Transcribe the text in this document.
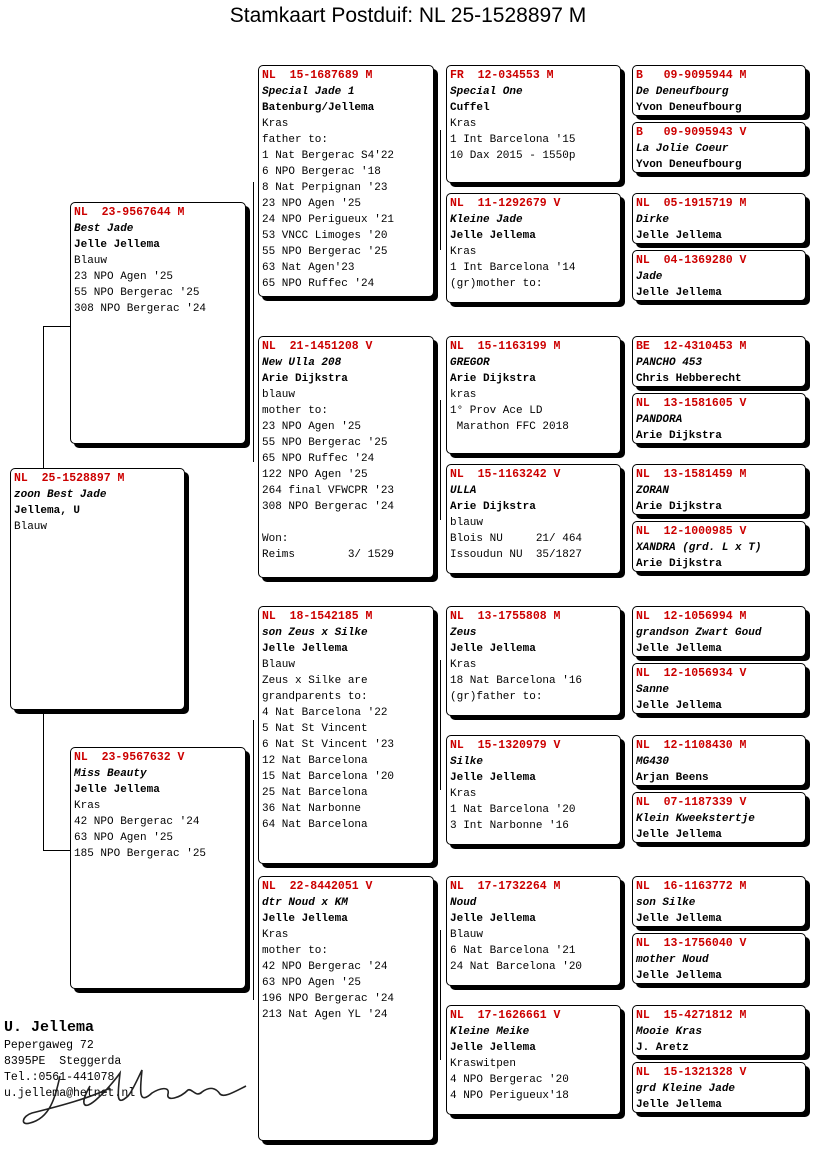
Stamkaart Postduif: NL 25-1528897 M
NL  25-1528897 M
zoon Best Jade
Jellema, U
Blauw
NL  23-9567644 M
Best Jade
Jelle Jellema
Blauw
23 NPO Agen '25
55 NPO Bergerac '25
308 NPO Bergerac '24
NL  23-9567632 V
Miss Beauty
Jelle Jellema
Kras
42 NPO Bergerac '24
63 NPO Agen '25
185 NPO Bergerac '25
NL  15-1687689 M
Special Jade 1
Batenburg/Jellema
Kras
father to:
1 Nat Bergerac S4'22
6 NPO Bergerac '18
8 Nat Perpignan '23
23 NPO Agen '25
24 NPO Perigueux '21
53 VNCC Limoges '20
55 NPO Bergerac '25
63 Nat Agen'23
65 NPO Ruffec '24
NL  21-1451208 V
New Ulla 208
Arie Dijkstra
blauw
mother to:
23 NPO Agen '25
55 NPO Bergerac '25
65 NPO Ruffec '24
122 NPO Agen '25
264 final VFWCPR '23
308 NPO Bergerac '24
Won:
Reims        3/ 1529
NL  18-1542185 M
son Zeus x Silke
Jelle Jellema
Blauw
Zeus x Silke are
grandparents to:
4 Nat Barcelona '22
5 Nat St Vincent
6 Nat St Vincent '23
12 Nat Barcelona
15 Nat Barcelona '20
25 Nat Barcelona
36 Nat Narbonne
64 Nat Barcelona
NL  22-8442051 V
dtr Noud x KM
Jelle Jellema
Kras
mother to:
42 NPO Bergerac '24
63 NPO Agen '25
196 NPO Bergerac '24
213 Nat Agen YL '24
FR  12-034553 M
Special One
Cuffel
Kras
1 Int Barcelona '15
10 Dax 2015 - 1550p
NL  11-1292679 V
Kleine Jade
Jelle Jellema
Kras
1 Int Barcelona '14
(gr)mother to:
NL  15-1163199 M
GREGOR
Arie Dijkstra
kras
1° Prov Ace LD
Marathon FFC 2018
NL  15-1163242 V
ULLA
Arie Dijkstra
blauw
Blois NU     21/ 464
Issoudun NU  35/1827
NL  13-1755808 M
Zeus
Jelle Jellema
Kras
18 Nat Barcelona '16
(gr)father to:
NL  15-1320979 V
Silke
Jelle Jellema
Kras
1 Nat Barcelona '20
3 Int Narbonne '16
NL  17-1732264 M
Noud
Jelle Jellema
Blauw
6 Nat Barcelona '21
24 Nat Barcelona '20
NL  17-1626661 V
Kleine Meike
Jelle Jellema
Kraswitpen
4 NPO Bergerac '20
4 NPO Perigueux'18
B   09-9095944 M
De Deneufbourg
Yvon Deneufbourg
B   09-9095943 V
La Jolie Coeur
Yvon Deneufbourg
NL  05-1915719 M
Dirke
Jelle Jellema
NL  04-1369280 V
Jade
Jelle Jellema
BE  12-4310453 M
PANCHO 453
Chris Hebberecht
NL  13-1581605 V
PANDORA
Arie Dijkstra
NL  13-1581459 M
ZORAN
Arie Dijkstra
NL  12-1000985 V
XANDRA (grd. L x T)
Arie Dijkstra
NL  12-1056994 M
grandson Zwart Goud
Jelle Jellema
NL  12-1056934 V
Sanne
Jelle Jellema
NL  12-1108430 M
MG430
Arjan Beens
NL  07-1187339 V
Klein Kweekstertje
Jelle Jellema
NL  16-1163772 M
son Silke
Jelle Jellema
NL  13-1756040 V
mother Noud
Jelle Jellema
NL  15-4271812 M
Mooie Kras
J. Aretz
NL  15-1321328 V
grd Kleine Jade
Jelle Jellema
U. Jellema
Pepergaweg 72
8395PE  Steggerda
Tel.:0561-441078
u.jellema@hetnet.nl
